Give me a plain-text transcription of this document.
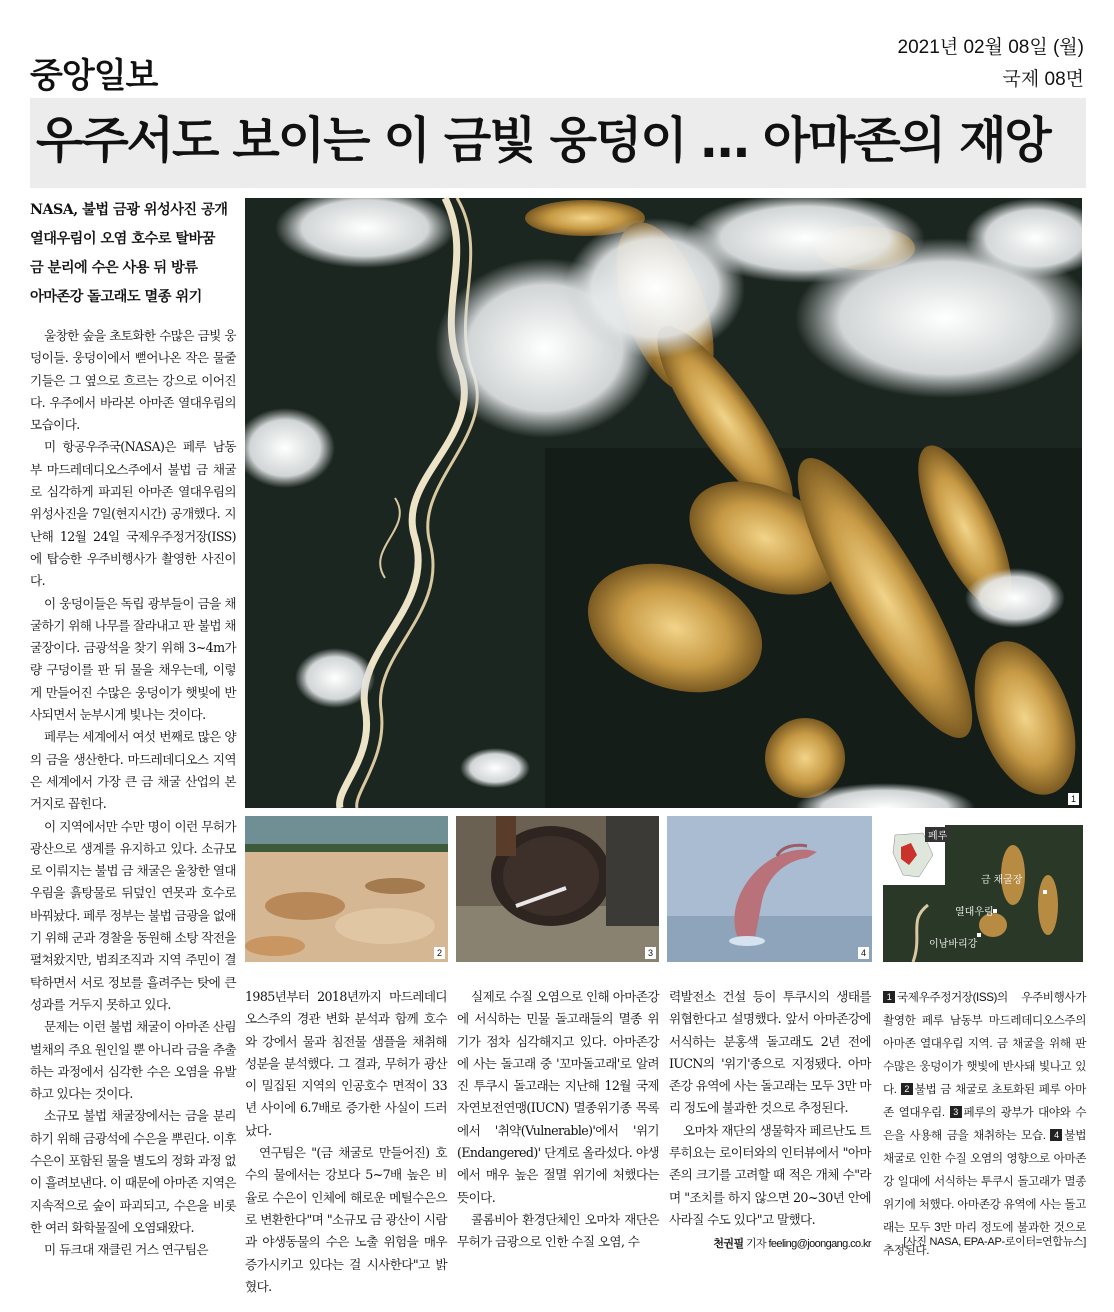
중앙일보
2021년 02월 08일 (월)
국제 08면
우주서도 보이는 이 금빛 웅덩이 … 아마존의 재앙
NASA, 불법 금광 위성사진 공개
열대우림이 오염 호수로 탈바꿈
금 분리에 수은 사용 뒤 방류
아마존강 돌고래도 멸종 위기
1
2	3	4
페루
금 채굴장
열대우림
이남바리강

울창한 숲을 초토화한 수많은 금빛 웅덩이들. 웅덩이에서 뻗어나온 작은 물줄기들은 그 옆으로 흐르는 강으로 이어진다. 우주에서 바라본 아마존 열대우림의 모습이다.

미 항공우주국(NASA)은 페루 남동부 마드레데디오스주에서 불법 금 채굴로 심각하게 파괴된 아마존 열대우림의 위성사진을 7일(현지시간) 공개했다. 지난해 12월 24일 국제우주정거장(ISS)에 탑승한 우주비행사가 촬영한 사진이다.

이 웅덩이들은 독립 광부들이 금을 채굴하기 위해 나무를 잘라내고 판 불법 채굴장이다. 금광석을 찾기 위해 3~4m가량 구덩이를 판 뒤 물을 채우는데, 이렇게 만들어진 수많은 웅덩이가 햇빛에 반사되면서 눈부시게 빛나는 것이다.

페루는 세계에서 여섯 번째로 많은 양의 금을 생산한다. 마드레데디오스 지역은 세계에서 가장 큰 금 채굴 산업의 본거지로 꼽힌다.

이 지역에서만 수만 명이 이런 무허가 광산으로 생계를 유지하고 있다. 소규모로 이뤄지는 불법 금 채굴은 울창한 열대우림을 흙탕물로 뒤덮인 연못과 호수로 바꿔놨다. 페루 정부는 불법 금광을 없애기 위해 군과 경찰을 동원해 소탕 작전을 펼쳐왔지만, 범죄조직과 지역 주민이 결탁하면서 서로 정보를 흘려주는 탓에 큰 성과를 거두지 못하고 있다.

문제는 이런 불법 채굴이 아마존 산림 벌채의 주요 원인일 뿐 아니라 금을 추출하는 과정에서 심각한 수은 오염을 유발하고 있다는 것이다.

소규모 불법 채굴장에서는 금을 분리하기 위해 금광석에 수은을 뿌린다. 이후 수은이 포함된 물을 별도의 정화 과정 없이 흘려보낸다. 이 때문에 아마존 지역은 지속적으로 숲이 파괴되고, 수은을 비롯한 여러 화학물질에 오염돼왔다.

미 듀크대 재클린 거스 연구팀은

1985년부터 2018년까지 마드레데디오스주의 경관 변화 분석과 함께 호수와 강에서 물과 침전물 샘플을 채취해 성분을 분석했다. 그 결과, 무허가 광산이 밀집된 지역의 인공호수 면적이 33년 사이에 6.7배로 증가한 사실이 드러났다.

연구팀은 "(금 채굴로 만들어진) 호수의 물에서는 강보다 5~7배 높은 비율로 수은이 인체에 해로운 메틸수은으로 변환한다"며 "소규모 금 광산이 시람과 야생동물의 수은 노출 위험을 매우 증가시키고 있다는 걸 시사한다"고 밝혔다.

실제로 수질 오염으로 인해 아마존강에 서식하는 민물 돌고래들의 멸종 위기가 점차 심각해지고 있다. 아마존강에 사는 돌고래 중 '꼬마돌고래'로 알려진 투쿠시 돌고래는 지난해 12월 국제자연보전연맹(IUCN) 멸종위기종 목록에서 '취약(Vulnerable)'에서 '위기(Endangered)' 단계로 올라섰다. 야생에서 매우 높은 절멸 위기에 처했다는 뜻이다.

콜롬비아 환경단체인 오마차 재단은 무허가 금광으로 인한 수질 오염, 수

력발전소 건설 등이 투쿠시의 생태를 위협한다고 설명했다. 앞서 아마존강에 서식하는 분홍색 돌고래도 2년 전에 IUCN의 '위기'종으로 지정됐다. 아마존강 유역에 사는 돌고래는 모두 3만 마리 정도에 불과한 것으로 추정된다.

오마차 재단의 생물학자 페르난도 트루히요는 로이터와의 인터뷰에서 "아마존의 크기를 고려할 때 적은 개체 수"라며 "조치를 하지 않으면 20~30년 안에 사라질 수도 있다"고 말했다.

천권필 기자 feeling@joongang.co.kr
1 국제우주정거장(ISS)의 우주비행사가 촬영한 페루 남동부 마드레데디오스주의 아마존 열대우림 지역. 금 채굴을 위해 판 수많은 웅덩이가 햇빛에 반사돼 빛나고 있다. 2 불법 금 채굴로 초토화된 페루 아마존 열대우림. 3 페루의 광부가 대야와 수은을 사용해 금을 채취하는 모습. 4 불법 채굴로 인한 수질 오염의 영향으로 아마존강 일대에 서식하는 투쿠시 돌고래가 멸종 위기에 처했다. 아마존강 유역에 사는 돌고래는 모두 3만 마리 정도에 불과한 것으로 추정된다.
[사진 NASA, EPA-AP-로이터=연합뉴스]
